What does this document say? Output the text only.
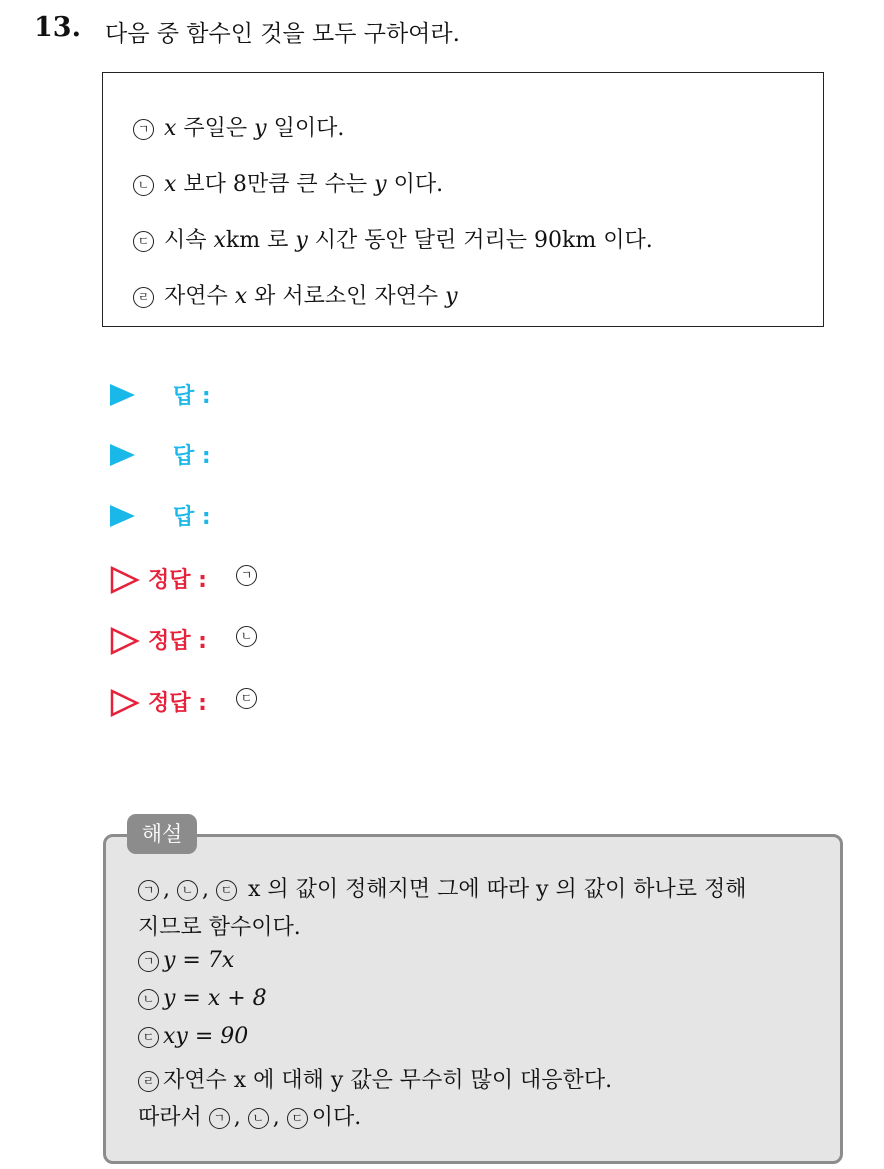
13. 다음 중 함수인 것을 모두 구하여라.
ㄱ x 주일은 y 일이다.
ㄴ x 보다 8만큼 큰 수는 y 이다.
ㄷ 시속 xkm 로 y 시간 동안 달린 거리는 90km 이다.
ㄹ 자연수 x 와 서로소인 자연수 y
답 :
답 :
답 :
정답 :	ㄱ
정답 :	ㄴ
정답 :	ㄷ
해설
ㄱ , ㄴ , ㄷ x 의 값이 정해지면 그에 따라 y 의 값이 하나로 정해
지므로 함수이다.
ㄱ y = 7x
ㄴ y = x + 8
ㄷ xy = 90
ㄹ 자연수 x 에 대해 y 값은 무수히 많이 대응한다.
따라서 ㄱ , ㄴ , ㄷ 이다.
